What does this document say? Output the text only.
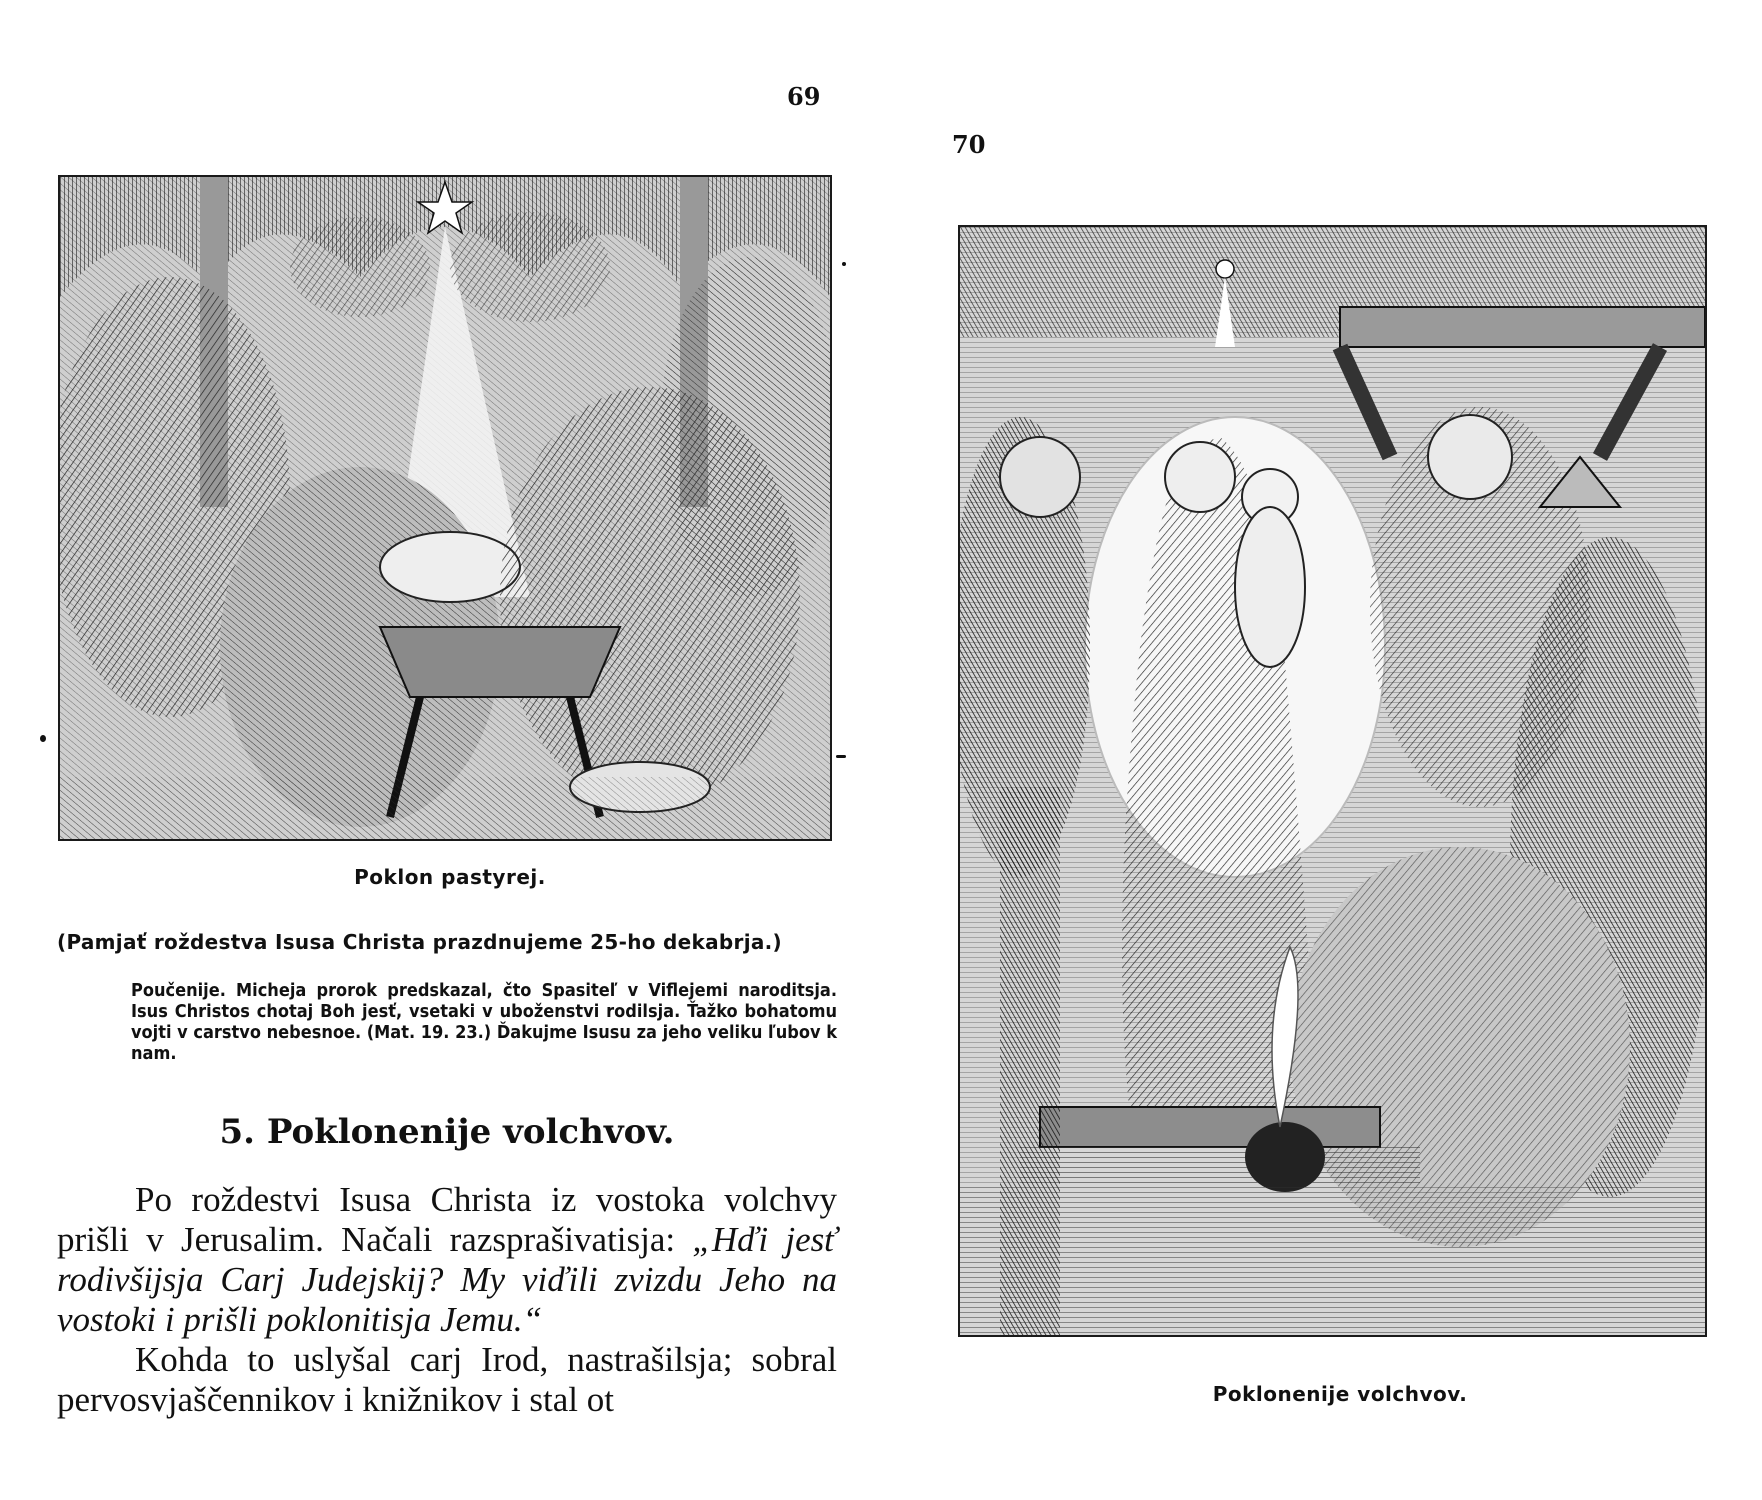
69
Poklon pastyrej.
(Pamjať roždestva Isusa Christa prazdnujeme 25-ho dekabrja.)
Poučenije. Micheja prorok predskazal, čto Spasiteľ v Viflejemi naroditsja. Isus Christos chotaj Boh jesť, vsetaki v uboženstvi rodilsja. Ťažko bohatomu vojti v carstvo nebesnoe. (Mat. 19. 23.) Ďakujme Isusu za jeho veliku ľubov k nam.
5. Poklonenije volchvov.

Po roždestvi Isusa Christa iz vostoka volchvy prišli v Jerusalim. Načali razsprašivatisja: „Hďi jesť rodivšijsja Carj Judejskij? My viďili zvizdu Jeho na vostoki i prišli poklonitisja Jemu.“

Kohda to uslyšal carj Irod, nastrašilsja; sobral pervosvjaščennikov i knižnikov i stal ot

70
Poklonenije volchvov.
